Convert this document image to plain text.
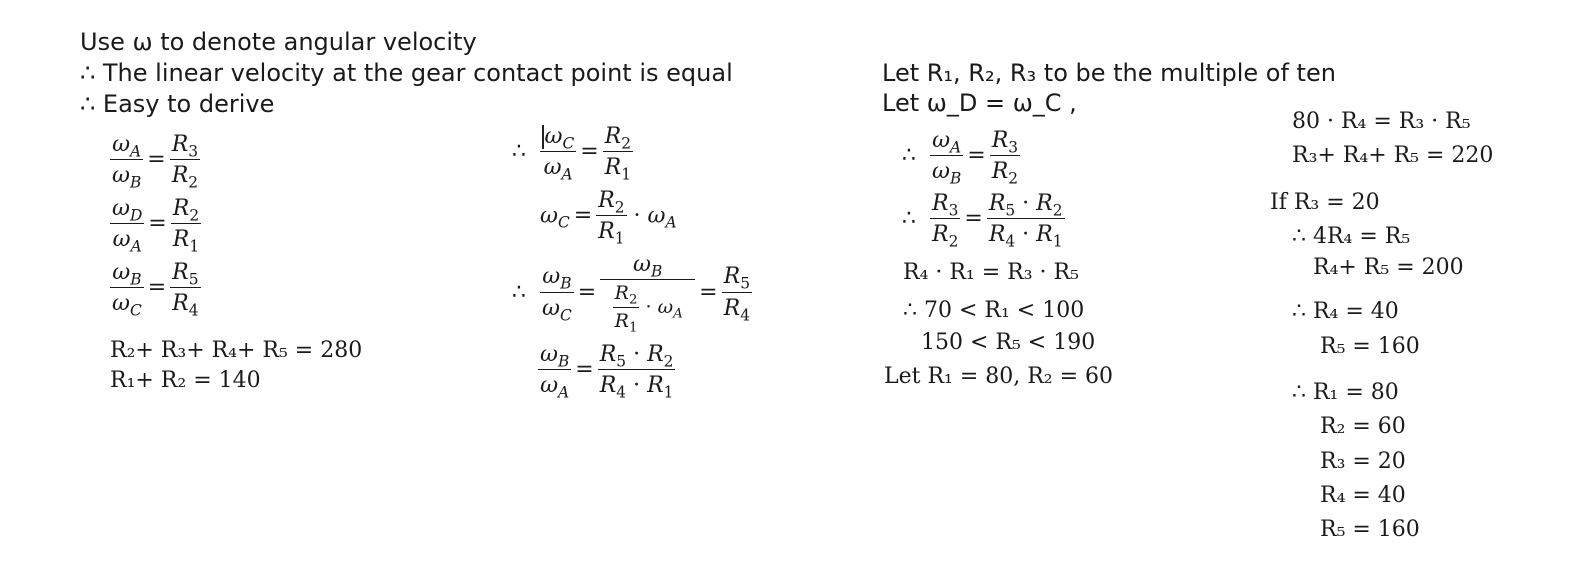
Use ω to denote angular velocity
∴ The linear velocity at the gear contact point is equal
∴ Easy to derive
$\frac{\omega_A}{\omega_B} = \frac{R_3}{R_2}$
$\frac{\omega_D}{\omega_A} = \frac{R_2}{R_1}$
$\frac{\omega_B}{\omega_C} = \frac{R_5}{R_4}$
R₂+ R₃+ R₄+ R₅ = 280
R₁+ R₂ = 140
∴ $\frac{\omega_C}{\omega_A} = \frac{R_2}{R_1}$
$\omega_C = \frac{R_2}{R_1} \cdot \omega_A$
∴ $\frac{\omega_B}{\omega_C} = \frac{\omega_B}{\frac{R_2}{R_1} \cdot \omega_A} = \frac{R_5}{R_4}$
$\frac{\omega_B}{\omega_A} = \frac{R_5 \cdot R_2}{R_4 \cdot R_1}$
Let R₁, R₂, R₃ to be the multiple of ten
Let ω_D = ω_C ,
∴ $\frac{\omega_A}{\omega_B} = \frac{R_3}{R_2}$
∴ $\frac{R_3}{R_2} = \frac{R_5 \cdot R_2}{R_4 \cdot R_1}$
R₄ · R₁ = R₃ · R₅
∴ 70 < R₁ < 100
150 < R₅ < 190
Let R₁ = 80, R₂ = 60
80 · R₄ = R₃ · R₅
R₃+ R₄+ R₅ = 220
If R₃ = 20
∴ 4R₄ = R₅
R₄+ R₅ = 200
∴ R₄ = 40
R₅ = 160
∴ R₁ = 80
R₂ = 60
R₃ = 20
R₄ = 40
R₅ = 160
